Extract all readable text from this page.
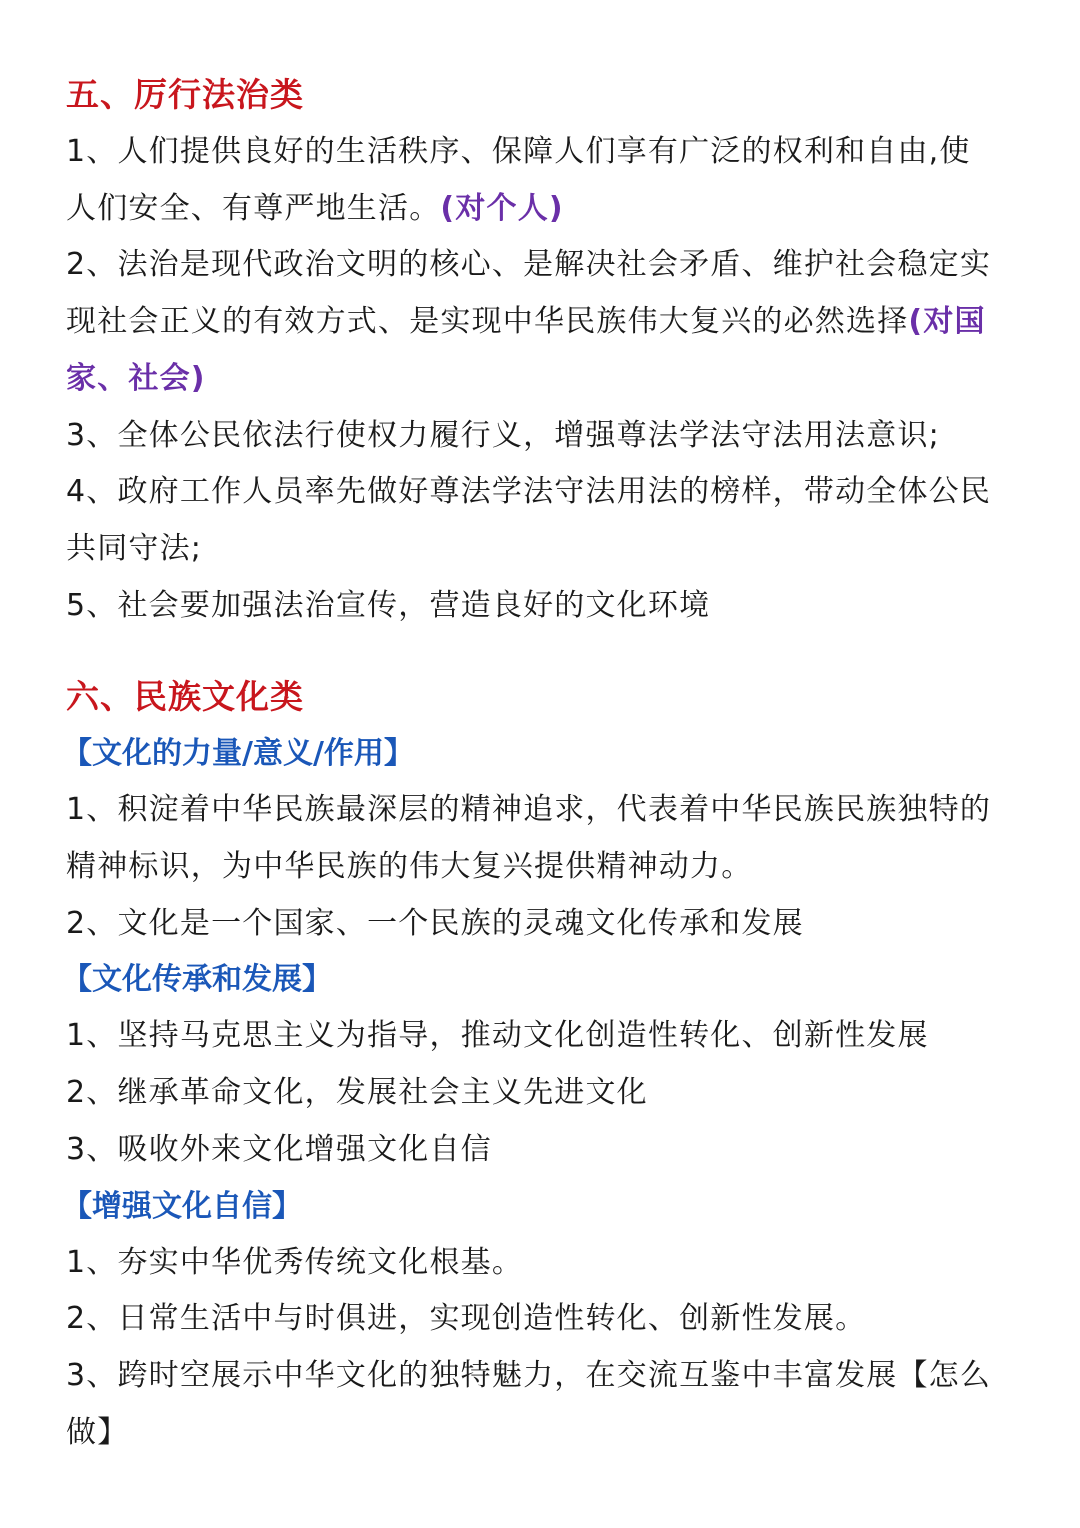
五、厉行法治类
1、人们提供良好的生活秩序、保障人们享有广泛的权利和自由,使
人们安全、有尊严地生活。(对个人)
2、法治是现代政治文明的核心、是解决社会矛盾、维护社会稳定实
现社会正义的有效方式、是实现中华民族伟大复兴的必然选择(对国
家、社会)
3、全体公民依法行使权力履行义，增强尊法学法守法用法意识;
4、政府工作人员率先做好尊法学法守法用法的榜样，带动全体公民
共同守法;
5、社会要加强法治宣传，营造良好的文化环境
六、民族文化类
【文化的力量/意义/作用】
1、积淀着中华民族最深层的精神追求，代表着中华民族民族独特的
精神标识，为中华民族的伟大复兴提供精神动力。
2、文化是一个国家、一个民族的灵魂文化传承和发展
【文化传承和发展】
1、坚持马克思主义为指导，推动文化创造性转化、创新性发展
2、继承革命文化，发展社会主义先进文化
3、吸收外来文化增强文化自信
【增强文化自信】
1、夯实中华优秀传统文化根基。
2、日常生活中与时俱进，实现创造性转化、创新性发展。
3、跨时空展示中华文化的独特魅力，在交流互鉴中丰富发展【怎么
做】
